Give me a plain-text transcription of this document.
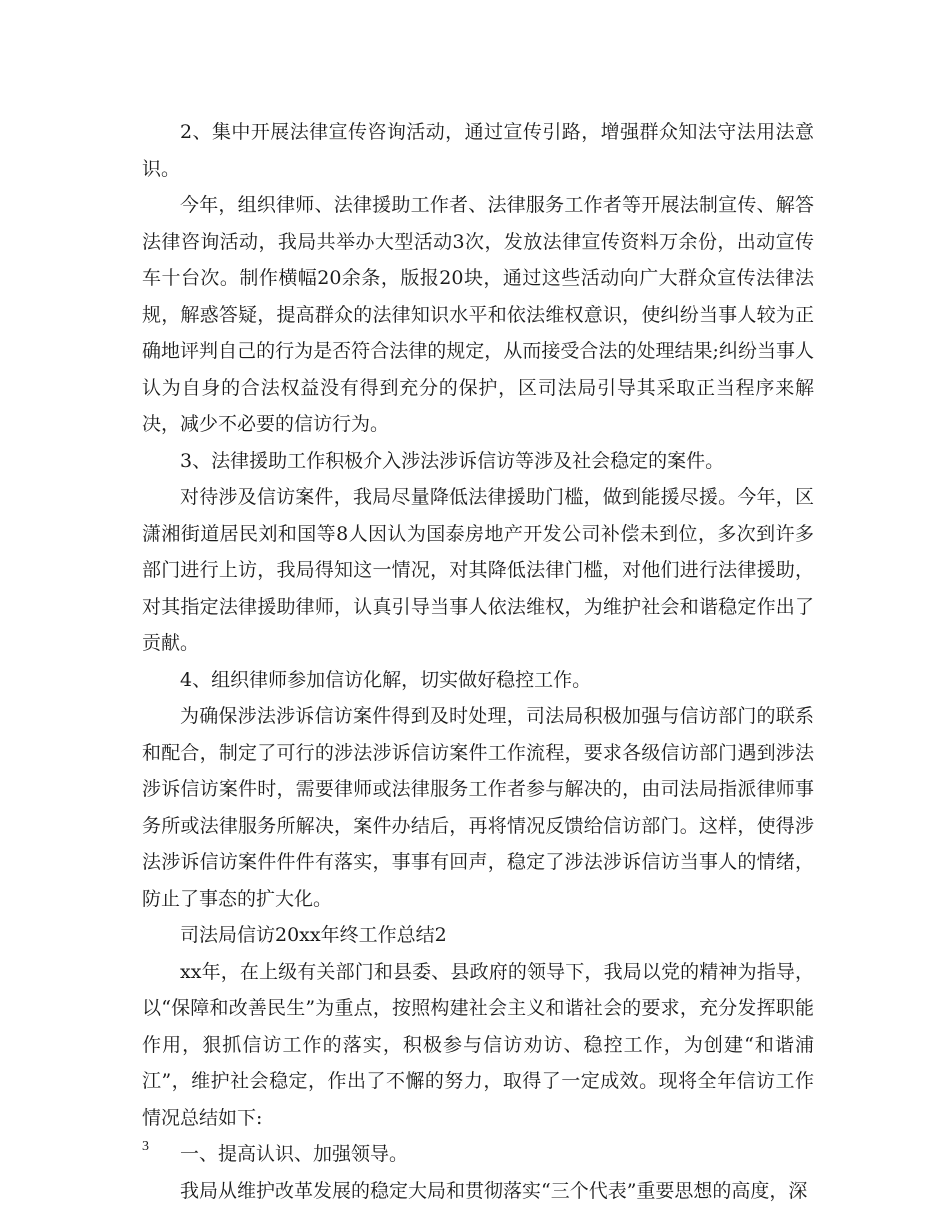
2、集中开展法律宣传咨询活动，通过宣传引路，增强群众知法守法用法意识。

今年，组织律师、法律援助工作者、法律服务工作者等开展法制宣传、解答法律咨询活动，我局共举办大型活动3次，发放法律宣传资料万余份，出动宣传车十台次。制作横幅20余条，版报20块，通过这些活动向广大群众宣传法律法规，解惑答疑，提高群众的法律知识水平和依法维权意识，使纠纷当事人较为正确地评判自己的行为是否符合法律的规定，从而接受合法的处理结果;纠纷当事人认为自身的合法权益没有得到充分的保护，区司法局引导其采取正当程序来解决，减少不必要的信访行为。

3、法律援助工作积极介入涉法涉诉信访等涉及社会稳定的案件。

对待涉及信访案件，我局尽量降低法律援助门槛，做到能援尽援。今年，区潇湘街道居民刘和国等8人因认为国泰房地产开发公司补偿未到位，多次到许多部门进行上访，我局得知这一情况，对其降低法律门槛，对他们进行法律援助，对其指定法律援助律师，认真引导当事人依法维权，为维护社会和谐稳定作出了贡献。

4、组织律师参加信访化解，切实做好稳控工作。

为确保涉法涉诉信访案件得到及时处理，司法局积极加强与信访部门的联系和配合，制定了可行的涉法涉诉信访案件工作流程，要求各级信访部门遇到涉法涉诉信访案件时，需要律师或法律服务工作者参与解决的，由司法局指派律师事务所或法律服务所解决，案件办结后，再将情况反馈给信访部门。这样，使得涉法涉诉信访案件件件有落实，事事有回声，稳定了涉法涉诉信访当事人的情绪，防止了事态的扩大化。

司法局信访20xx年终工作总结2

xx年，在上级有关部门和县委、县政府的领导下，我局以党的精神为指导，以“保障和改善民生”为重点，按照构建社会主义和谐社会的要求，充分发挥职能作用，狠抓信访工作的落实，积极参与信访劝访、稳控工作，为创建“和谐浦江”，维护社会稳定，作出了不懈的努力，取得了一定成效。现将全年信访工作情况总结如下:

一、提高认识、加强领导。

我局从维护改革发展的稳定大局和贯彻落实“三个代表”重要思想的高度，深

3
